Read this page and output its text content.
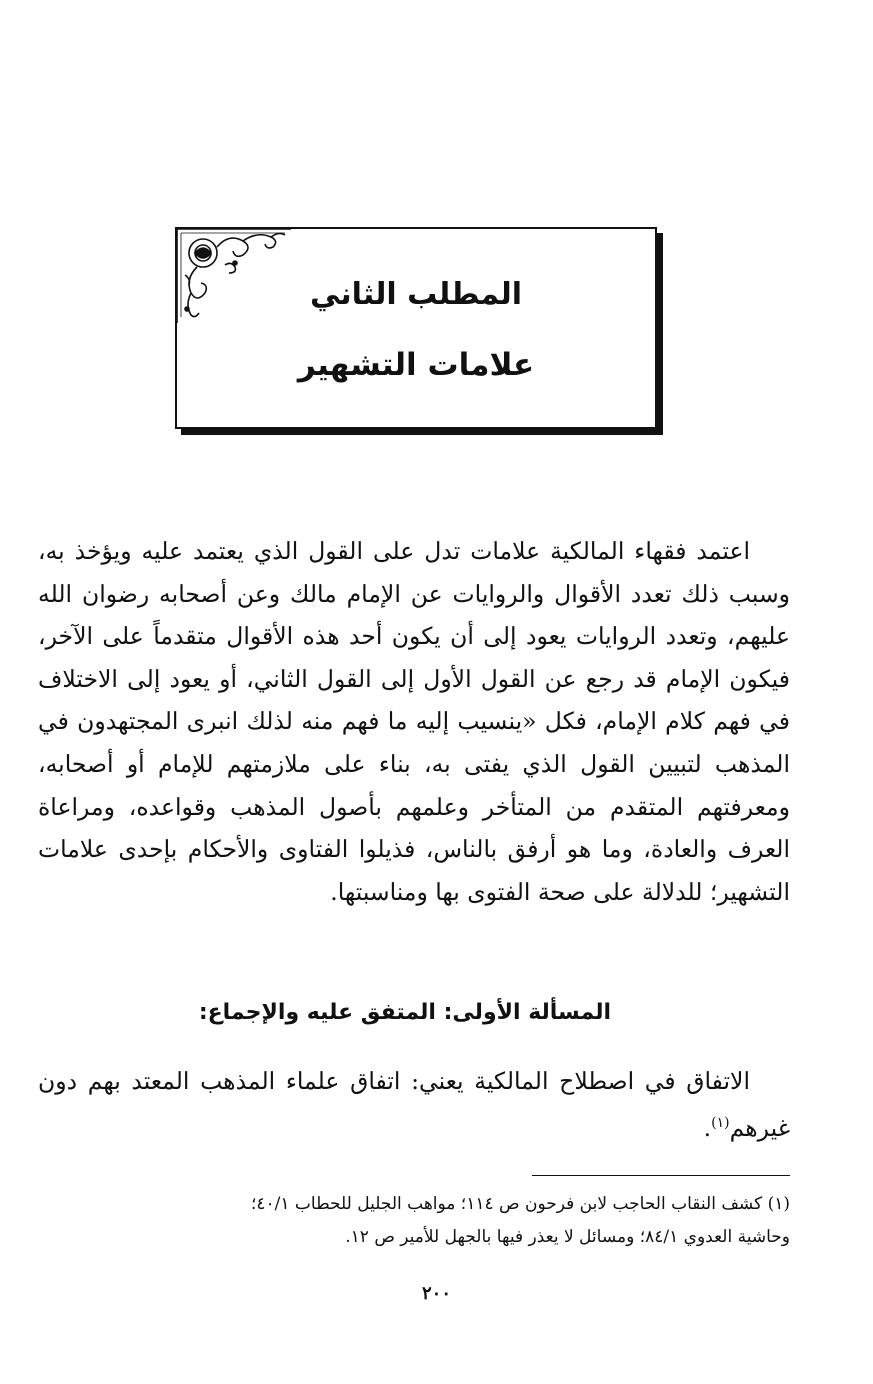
المطلب الثاني
علامات التشهير
اعتمد فقهاء المالكية علامات تدل على القول الذي يعتمد عليه ويؤخذ به، وسبب ذلك تعدد الأقوال والروايات عن الإمام مالك وعن أصحابه رضوان الله عليهم، وتعدد الروايات يعود إلى أن يكون أحد هذه الأقوال متقدماً على الآخر، فيكون الإمام قد رجع عن القول الأول إلى القول الثاني، أو يعود إلى الاختلاف في فهم كلام الإمام، فكل «ينسيب إليه ما فهم منه لذلك انبرى المجتهدون في المذهب لتبيين القول الذي يفتى به، بناء على ملازمتهم للإمام أو أصحابه، ومعرفتهم المتقدم من المتأخر وعلمهم بأصول المذهب وقواعده، ومراعاة العرف والعادة، وما هو أرفق بالناس، فذيلوا الفتاوى والأحكام بإحدى علامات التشهير؛ للدلالة على صحة الفتوى بها ومناسبتها.
المسألة الأولى: المتفق عليه والإجماع:
الاتفاق في اصطلاح المالكية يعني: اتفاق علماء المذهب المعتد بهم دون غيرهم$^{(١)}$.
(١) كشف النقاب الحاجب لابن فرحون ص ١١٤؛ مواهب الجليل للحطاب ٤٠/١؛
وحاشية العدوي ٨٤/١؛ ومسائل لا يعذر فيها بالجهل للأمير ص ١٢.
٢٠٠
